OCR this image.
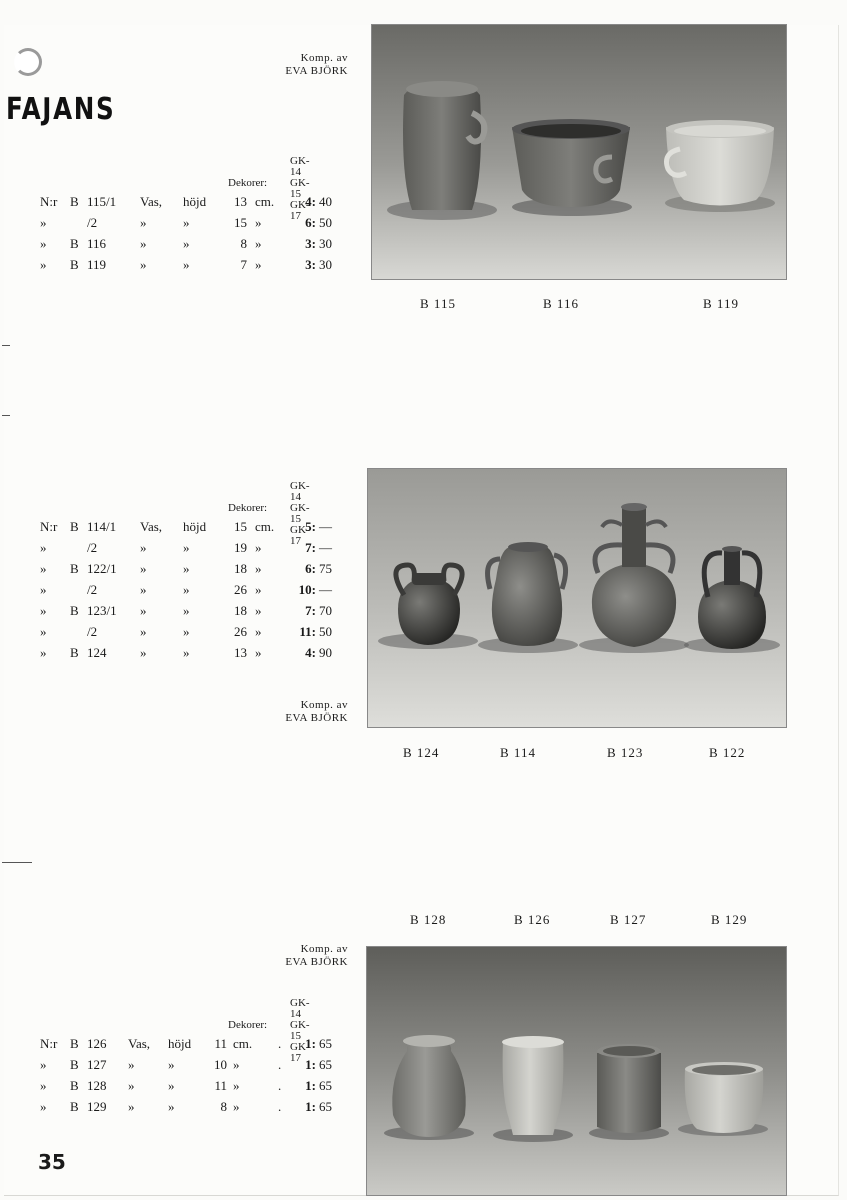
FAJANS
35
Komp. av
EVA BJÖRK
GK-14
GK-15
GK-17
Dekorer:
N:r B 115/1 Vas, höjd	13 cm.	4: 40
»	/2	»	»	15 »	6: 50
» B 116	»	»	8 »	3: 30
» B 119	»	»	7 »	3: 30
B 115	B 116	B 119
GK-14
GK-15
GK-17
Dekorer:
N:r B 114/1 Vas, höjd	15 cm.	5: —
»	/2	»	»	19 »	7: —
» B 122/1 »	»	18 »	6: 75
»	/2	»	»	26 »	10: —
» B 123/1 »	»	18 »	7: 70
»	/2	»	»	26 »	11: 50
» B 124	»	»	13 »	4: 90
Komp. av
EVA BJÖRK
B 124	B 114	B 123	B 122
B 128	B 126	B 127	B 129
Komp. av
EVA BJÖRK
GK-14
GK-15
GK-17
Dekorer:
N:r B 126 Vas, höjd	11 cm. .	1: 65
» B 127 »	»	10 »	.	1: 65
» B 128 »	»	11 »	.	1: 65
» B 129 »	»	8 »	.	1: 65
